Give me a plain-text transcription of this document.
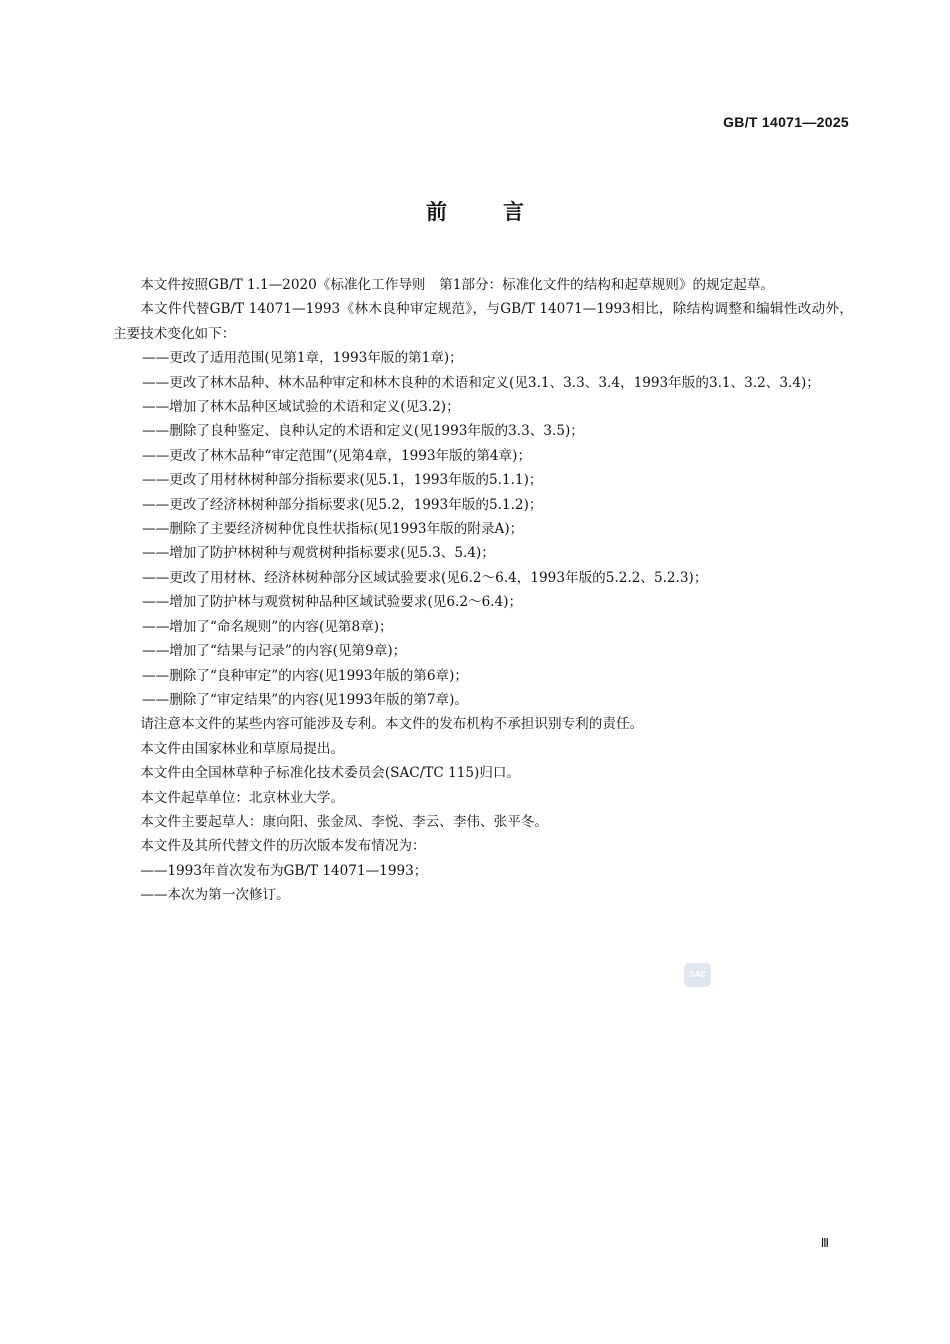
GB/T 14071—2025
前	言

本文件按照GB/T 1.1—2020《标准化工作导则　第1部分：标准化文件的结构和起草规则》的规定起草。

本文件代替GB/T 14071—1993《林木良种审定规范》，与GB/T 14071—1993相比，除结构调整和编辑性改动外，主要技术变化如下：

——更改了适用范围(见第1章，1993年版的第1章)；

——更改了林木品种、林木品种审定和林木良种的术语和定义(见3.1、3.3、3.4，1993年版的3.1、3.2、3.4)；

——增加了林木品种区域试验的术语和定义(见3.2)；

——删除了良种鉴定、良种认定的术语和定义(见1993年版的3.3、3.5)；

——更改了林木品种“审定范围”(见第4章，1993年版的第4章)；

——更改了用材林树种部分指标要求(见5.1，1993年版的5.1.1)；

——更改了经济林树种部分指标要求(见5.2，1993年版的5.1.2)；

——删除了主要经济树种优良性状指标(见1993年版的附录A)；

——增加了防护林树种与观赏树种指标要求(见5.3、5.4)；

——更改了用材林、经济林树种部分区域试验要求(见6.2～6.4，1993年版的5.2.2、5.2.3)；

——增加了防护林与观赏树种品种区域试验要求(见6.2～6.4)；

——增加了“命名规则”的内容(见第8章)；

——增加了“结果与记录”的内容(见第9章)；

——删除了“良种审定”的内容(见1993年版的第6章)；

——删除了“审定结果”的内容(见1993年版的第7章)。

请注意本文件的某些内容可能涉及专利。本文件的发布机构不承担识别专利的责任。

本文件由国家林业和草原局提出。

本文件由全国林草种子标准化技术委员会(SAC/TC 115)归口。

本文件起草单位：北京林业大学。

本文件主要起草人：康向阳、张金凤、李悦、李云、李伟、张平冬。

本文件及其所代替文件的历次版本发布情况为：

——1993年首次发布为GB/T 14071—1993；

——本次为第一次修订。

SAC
Ⅲ
